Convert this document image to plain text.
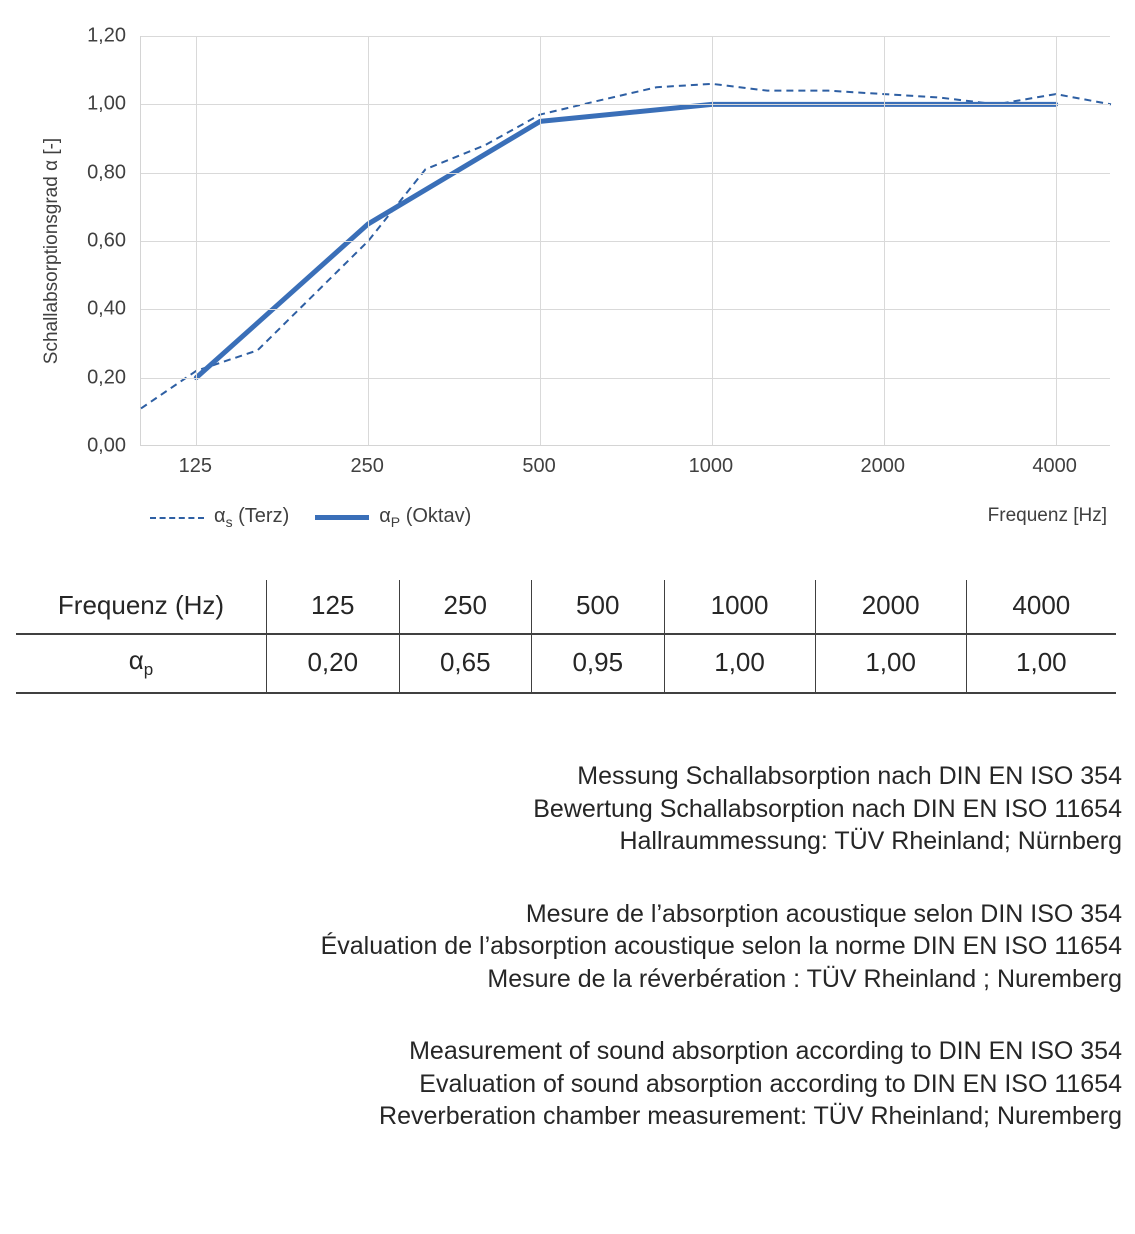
Schallabsorptionsgrad α [-]
0,00
0,20
0,40
0,60
0,80
1,00
1,20
125	250	500	1000	2000	4000
Frequenz [Hz]
$\alpha_s$ (Terz)	$\alpha_P$ (Oktav)
Frequenz (Hz)	125	250	500	1000	2000	4000
$\alpha_p$	0,20	0,65	0,95	1,00	1,00	1,00
Messung Schallabsorption nach DIN EN ISO 354
Bewertung Schallabsorption nach DIN EN ISO 11654
Hallraummessung: TÜV Rheinland; Nürnberg
Mesure de l’absorption acoustique selon DIN ISO 354
Évaluation de l’absorption acoustique selon la norme DIN EN ISO 11654
Mesure de la réverbération : TÜV Rheinland ; Nuremberg
Measurement of sound absorption according to DIN EN ISO 354
Evaluation of sound absorption according to DIN EN ISO 11654
Reverberation chamber measurement: TÜV Rheinland; Nuremberg
